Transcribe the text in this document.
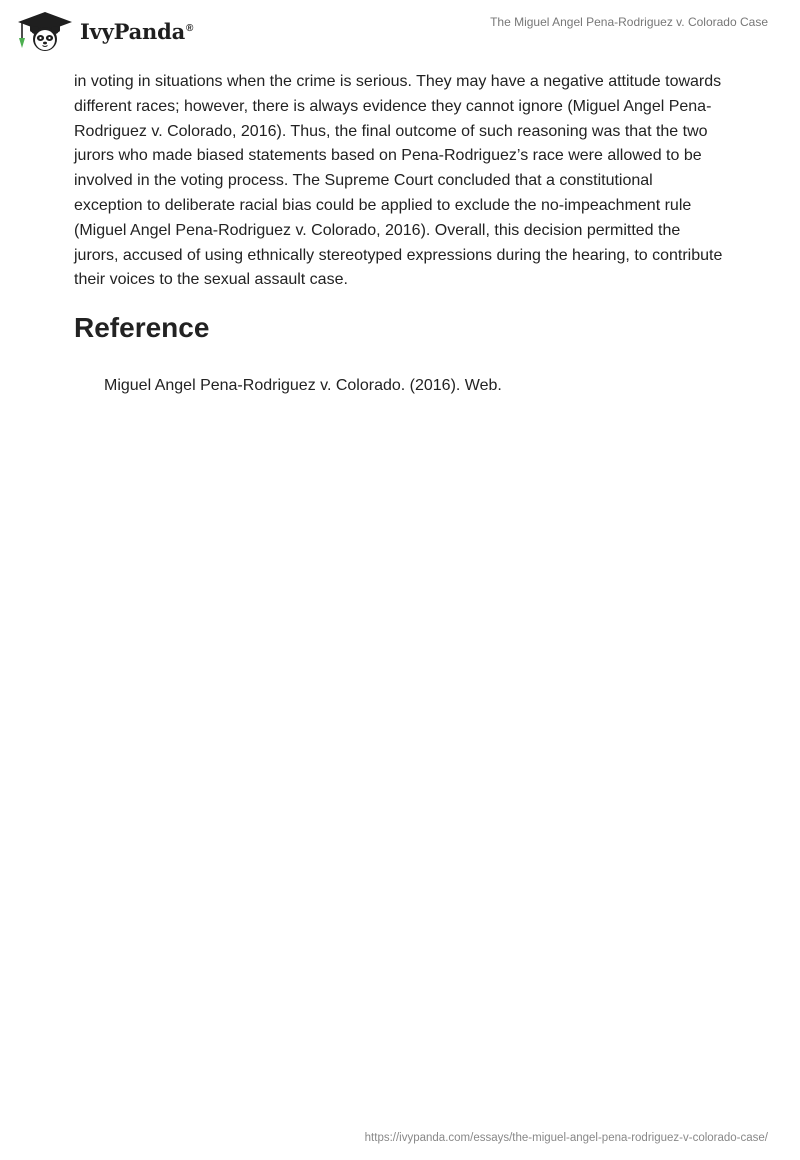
IvyPanda®	The Miguel Angel Pena-Rodriguez v. Colorado Case

in voting in situations when the crime is serious. They may have a negative attitude towards different races; however, there is always evidence they cannot ignore (Miguel Angel Pena-Rodriguez v. Colorado, 2016). Thus, the final outcome of such reasoning was that the two jurors who made biased statements based on Pena-Rodriguez’s race were allowed to be involved in the voting process. The Supreme Court concluded that a constitutional exception to deliberate racial bias could be applied to exclude the no-impeachment rule (Miguel Angel Pena-Rodriguez v. Colorado, 2016). Overall, this decision permitted the jurors, accused of using ethnically stereotyped expressions during the hearing, to contribute their voices to the sexual assault case.

Reference

Miguel Angel Pena-Rodriguez v. Colorado. (2016). Web.

https://ivypanda.com/essays/the-miguel-angel-pena-rodriguez-v-colorado-case/
